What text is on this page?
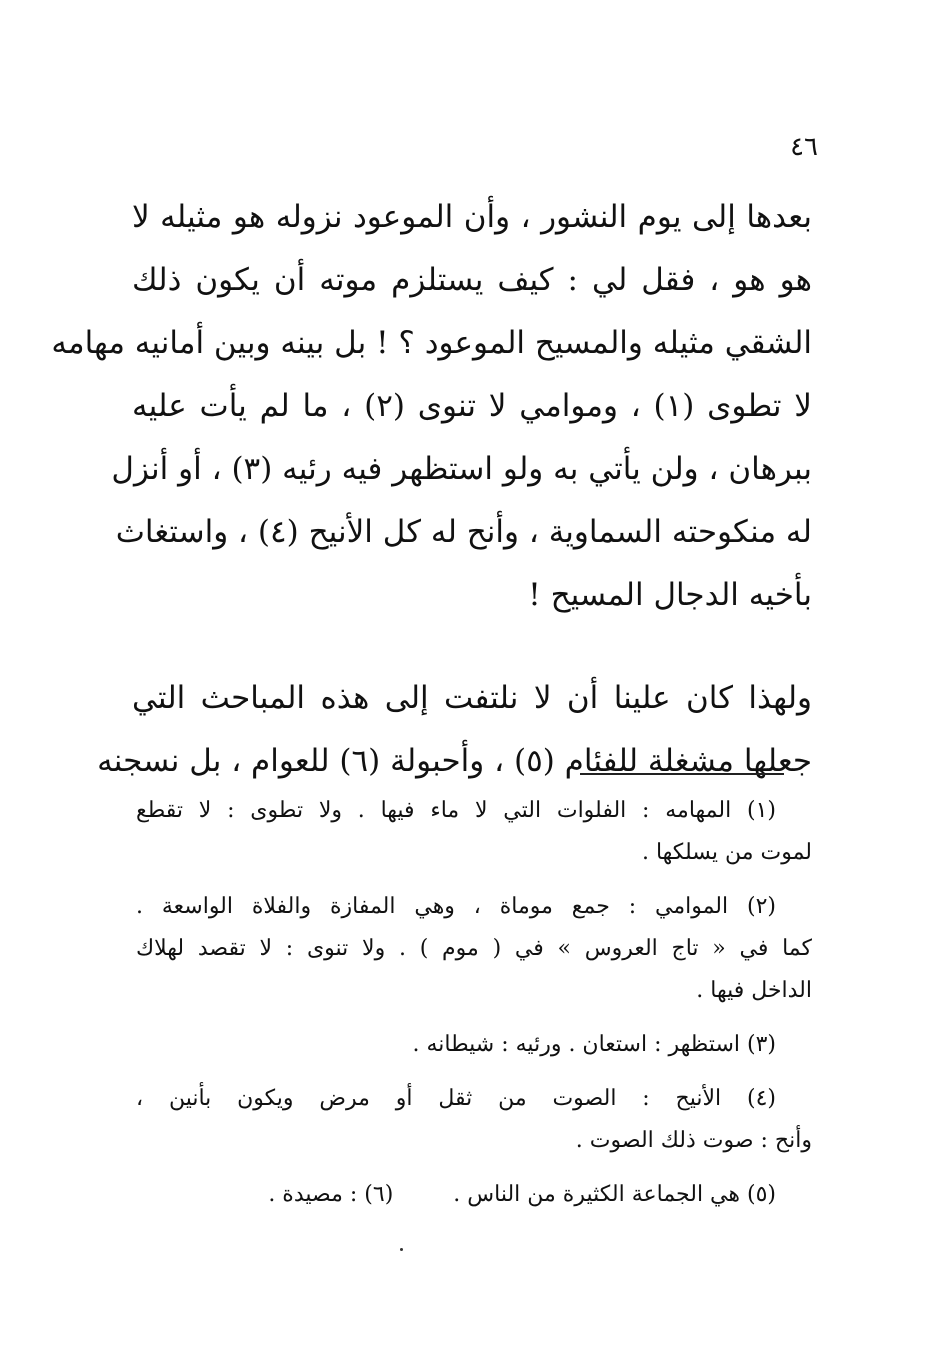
٤٦
بعدها إلى يوم النشور ، وأن الموعود نزوله هو مثيله لا
هو هو ، فقل لي : كيف يستلزم موته أن يكون ذلك
الشقي مثيله والمسيح الموعود ؟ ! بل بينه وبين أمانيه مهامه
لا تطوى (١) ، وموامي لا تنوى (٢) ، ما لم يأت عليه
ببرهان ، ولن يأتي به ولو استظهر فيه رئيه (٣) ، أو أنزل
له منكوحته السماوية ، وأنح له كل الأنيح (٤) ، واستغاث
بأخيه الدجال المسيح !
ولهذا كان علينا أن لا نلتفت إلى هذه المباحث التي
جعلها مشغلة للفئام (٥) ، وأحبولة (٦) للعوام ، بل نسجنه
(١) المهامه : الفلوات التي لا ماء فيها . ولا تطوى : لا تقطع
لموت من يسلكها .
(٢) الموامي : جمع موماة ، وهي المفازة والفلاة الواسعة .
كما في « تاج العروس » في ( موم ) . ولا تنوى : لا تقصد لهلاك
الداخل فيها .
(٣) استظهر : استعان . ورئيه : شيطانه .
(٤) الأنيح : الصوت من ثقل أو مرض ويكون بأنين ،
وأنح : صوت ذلك الصوت .
(٥) هي الجماعة الكثيرة من الناس .
(٦) : مصيدة .
